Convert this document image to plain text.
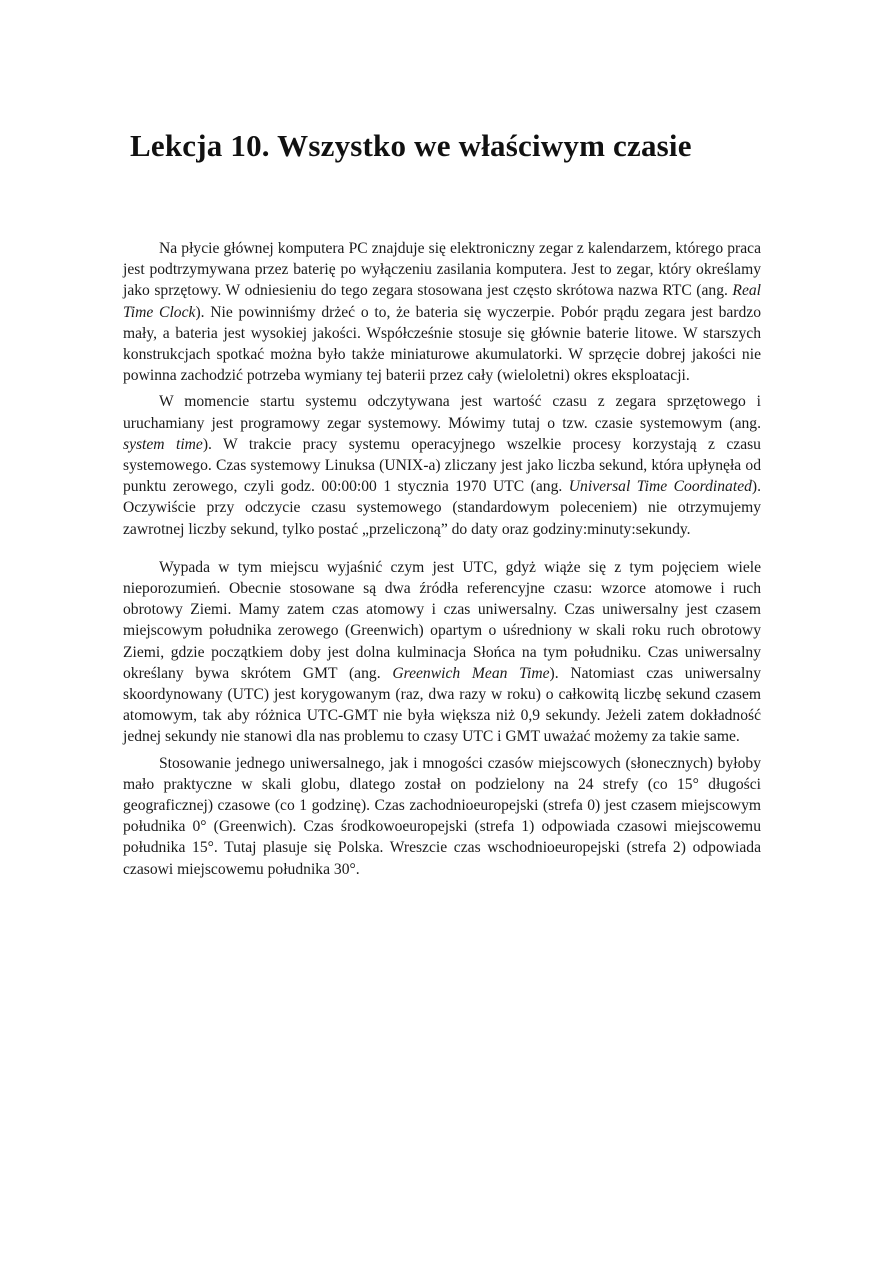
Lekcja 10. Wszystko we właściwym czasie

Na płycie głównej komputera PC znajduje się elektroniczny zegar z kalendarzem, którego praca jest podtrzymywana przez baterię po wyłączeniu zasilania komputera. Jest to zegar, który określamy jako sprzętowy. W odniesieniu do tego zegara stosowana jest często skrótowa nazwa RTC (ang. Real Time Clock). Nie powinniśmy drżeć o to, że bateria się wyczerpie. Pobór prądu zegara jest bardzo mały, a bateria jest wysokiej jakości. Współcześnie stosuje się głównie baterie litowe. W starszych konstrukcjach spotkać można było także miniaturowe akumulatorki. W sprzęcie dobrej jakości nie powinna zachodzić potrzeba wymiany tej baterii przez cały (wieloletni) okres eksploatacji.

W momencie startu systemu odczytywana jest wartość czasu z zegara sprzętowego i uruchamiany jest programowy zegar systemowy. Mówimy tutaj o tzw. czasie systemowym (ang. system time). W trakcie pracy systemu operacyjnego wszelkie procesy korzystają z czasu systemowego. Czas systemowy Linuksa (UNIX-a) zliczany jest jako liczba sekund, która upłynęła od punktu zerowego, czyli godz. 00:00:00 1 stycznia 1970 UTC (ang. Universal Time Coordinated). Oczywiście przy odczycie czasu systemowego (standardowym poleceniem) nie otrzymujemy zawrotnej liczby sekund, tylko postać „przeliczoną” do daty oraz godziny:minuty:sekundy.

Wypada w tym miejscu wyjaśnić czym jest UTC, gdyż wiąże się z tym pojęciem wiele nieporozumień. Obecnie stosowane są dwa źródła referencyjne czasu: wzorce atomowe i ruch obrotowy Ziemi. Mamy zatem czas atomowy i czas uniwersalny. Czas uniwersalny jest czasem miejscowym południka zerowego (Greenwich) opartym o uśredniony w skali roku ruch obrotowy Ziemi, gdzie początkiem doby jest dolna kulminacja Słońca na tym południku. Czas uniwersalny określany bywa skrótem GMT (ang. Greenwich Mean Time). Natomiast czas uniwersalny skoordynowany (UTC) jest korygowanym (raz, dwa razy w roku) o całkowitą liczbę sekund czasem atomowym, tak aby różnica UTC-GMT nie była większa niż 0,9 sekundy. Jeżeli zatem dokładność jednej sekundy nie stanowi dla nas problemu to czasy UTC i GMT uważać możemy za takie same.

Stosowanie jednego uniwersalnego, jak i mnogości czasów miejscowych (słonecznych) byłoby mało praktyczne w skali globu, dlatego został on podzielony na 24 strefy (co 15° długości geograficznej) czasowe (co 1 godzinę). Czas zachodnioeuropejski (strefa 0) jest czasem miejscowym południka 0° (Greenwich). Czas środkowoeuropejski (strefa 1) odpowiada czasowi miejscowemu południka 15°. Tutaj plasuje się Polska. Wreszcie czas wschodnioeuropejski (strefa 2) odpowiada czasowi miejscowemu południka 30°.
